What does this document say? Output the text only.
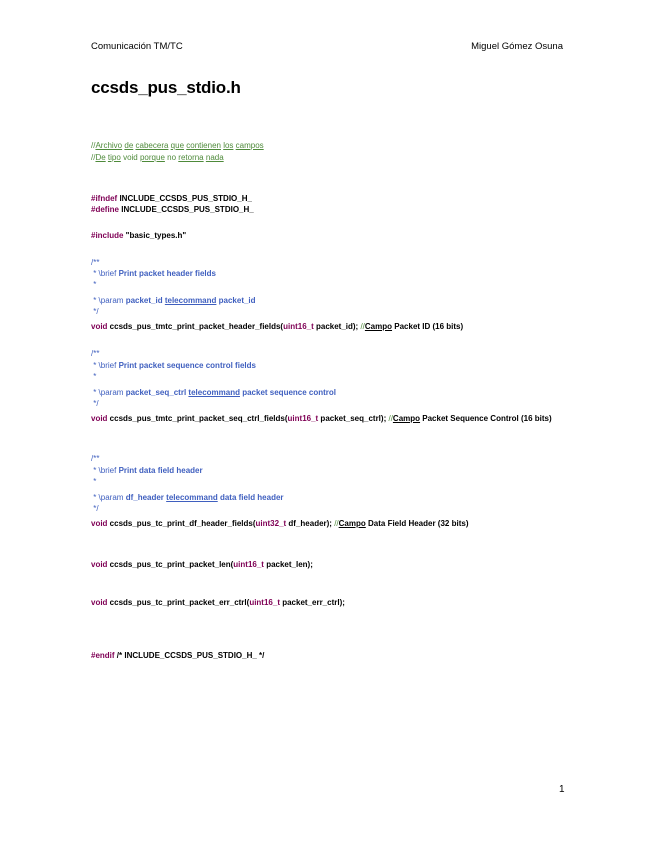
Comunicación TM/TC	Miguel Gómez Osuna
ccsds_pus_stdio.h
//Archivo de cabecera que contienen los campos
//De tipo void porque no retorna nada
#ifndef INCLUDE_CCSDS_PUS_STDIO_H_
#define INCLUDE_CCSDS_PUS_STDIO_H_
#include "basic_types.h"
/**
* \brief Print packet header fields
*
* \param packet_id telecommand packet_id
*/
void ccsds_pus_tmtc_print_packet_header_fields(uint16_t packet_id); //Campo Packet ID (16 bits)
/**
* \brief Print packet sequence control fields
*
* \param packet_seq_ctrl telecommand packet sequence control
*/
void ccsds_pus_tmtc_print_packet_seq_ctrl_fields(uint16_t packet_seq_ctrl); //Campo Packet Sequence Control (16 bits)
/**
* \brief Print data field header
*
* \param df_header telecommand data field header
*/
void ccsds_pus_tc_print_df_header_fields(uint32_t df_header); //Campo Data Field Header (32 bits)
void ccsds_pus_tc_print_packet_len(uint16_t packet_len);
void ccsds_pus_tc_print_packet_err_ctrl(uint16_t packet_err_ctrl);
#endif /* INCLUDE_CCSDS_PUS_STDIO_H_ */
1
